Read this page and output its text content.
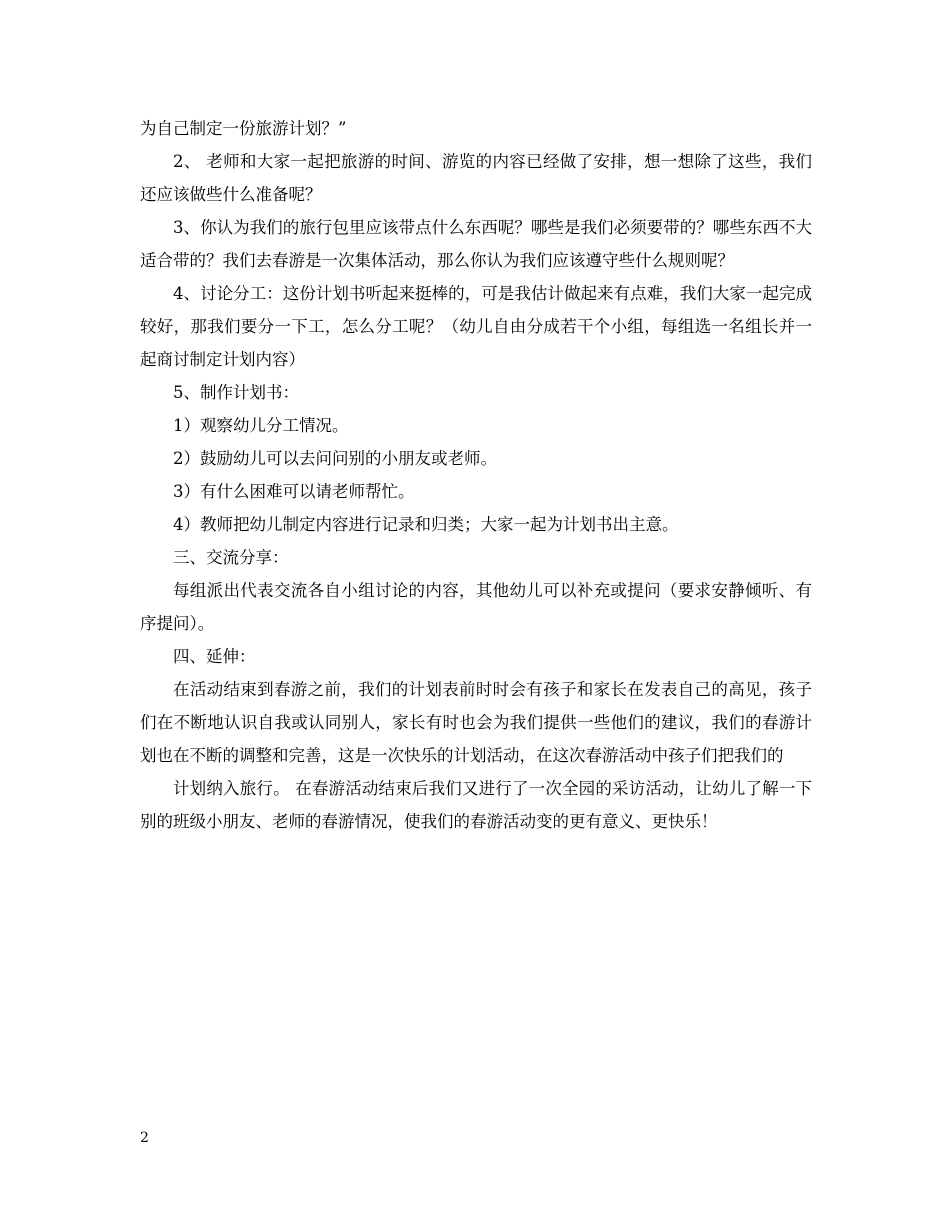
为自己制定一份旅游计划？”

2、 老师和大家一起把旅游的时间、游览的内容已经做了安排，想一想除了这些，我们还应该做些什么准备呢？

3、你认为我们的旅行包里应该带点什么东西呢？哪些是我们必须要带的？哪些东西不大适合带的？我们去春游是一次集体活动，那么你认为我们应该遵守些什么规则呢？

4、讨论分工：这份计划书听起来挺棒的，可是我估计做起来有点难，我们大家一起完成较好，那我们要分一下工，怎么分工呢？（幼儿自由分成若干个小组，每组选一名组长并一起商讨制定计划内容）

5、制作计划书：

1）观察幼儿分工情况。

2）鼓励幼儿可以去问问别的小朋友或老师。

3）有什么困难可以请老师帮忙。

4）教师把幼儿制定内容进行记录和归类；大家一起为计划书出主意。

三、交流分享：

每组派出代表交流各自小组讨论的内容，其他幼儿可以补充或提问（要求安静倾听、有序提问）。

四、延伸：

在活动结束到春游之前，我们的计划表前时时会有孩子和家长在发表自己的高见，孩子们在不断地认识自我或认同别人，家长有时也会为我们提供一些他们的建议，我们的春游计划也在不断的调整和完善，这是一次快乐的计划活动，在这次春游活动中孩子们把我们的

计划纳入旅行。 在春游活动结束后我们又进行了一次全园的采访活动，让幼儿了解一下别的班级小朋友、老师的春游情况，使我们的春游活动变的更有意义、更快乐！

2
